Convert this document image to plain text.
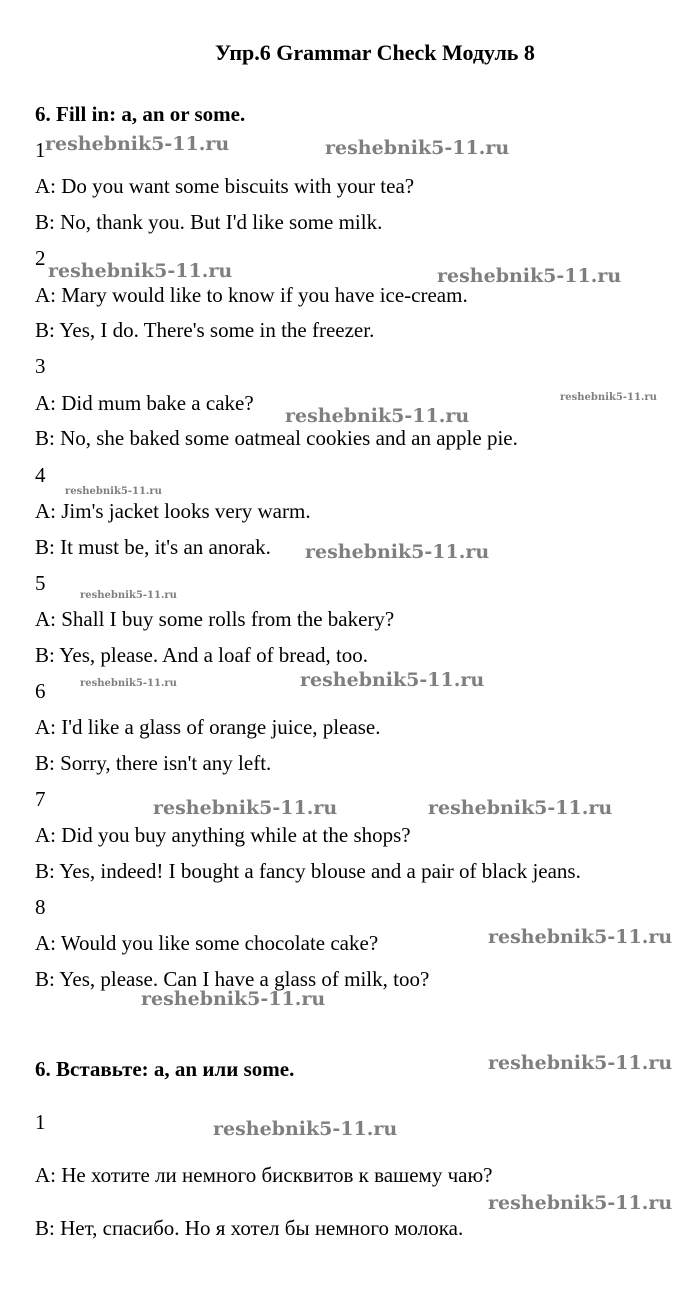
Упр.6 Grammar Check Модуль 8
6. Fill in: a, an or some.
1
A: Do you want some biscuits with your tea?
B: No, thank you. But I'd like some milk.
2
A: Mary would like to know if you have ice-cream.
B: Yes, I do. There's some in the freezer.
3
A: Did mum bake a cake?
B: No, she baked some oatmeal cookies and an apple pie.
4
A: Jim's jacket looks very warm.
B: It must be, it's an anorak.
5
A: Shall I buy some rolls from the bakery?
B: Yes, please. And a loaf of bread, too.
6
A: I'd like a glass of orange juice, please.
B: Sorry, there isn't any left.
7
A: Did you buy anything while at the shops?
B: Yes, indeed! I bought a fancy blouse and a pair of black jeans.
8
A: Would you like some chocolate cake?
B: Yes, please. Can I have a glass of milk, too?
6. Вставьте: a, an или some.
1
A: Не хотите ли немного бисквитов к вашему чаю?
B: Нет, спасибо. Но я хотел бы немного молока.
reshebnik5-11.ru	reshebnik5-11.ru
reshebnik5-11.ru	reshebnik5-11.ru
reshebnik5-11.ru
reshebnik5-11.ru
reshebnik5-11.ru
reshebnik5-11.ru
reshebnik5-11.ru
reshebnik5-11.ru	reshebnik5-11.ru
reshebnik5-11.ru	reshebnik5-11.ru
reshebnik5-11.ru
reshebnik5-11.ru
reshebnik5-11.ru
reshebnik5-11.ru
reshebnik5-11.ru
